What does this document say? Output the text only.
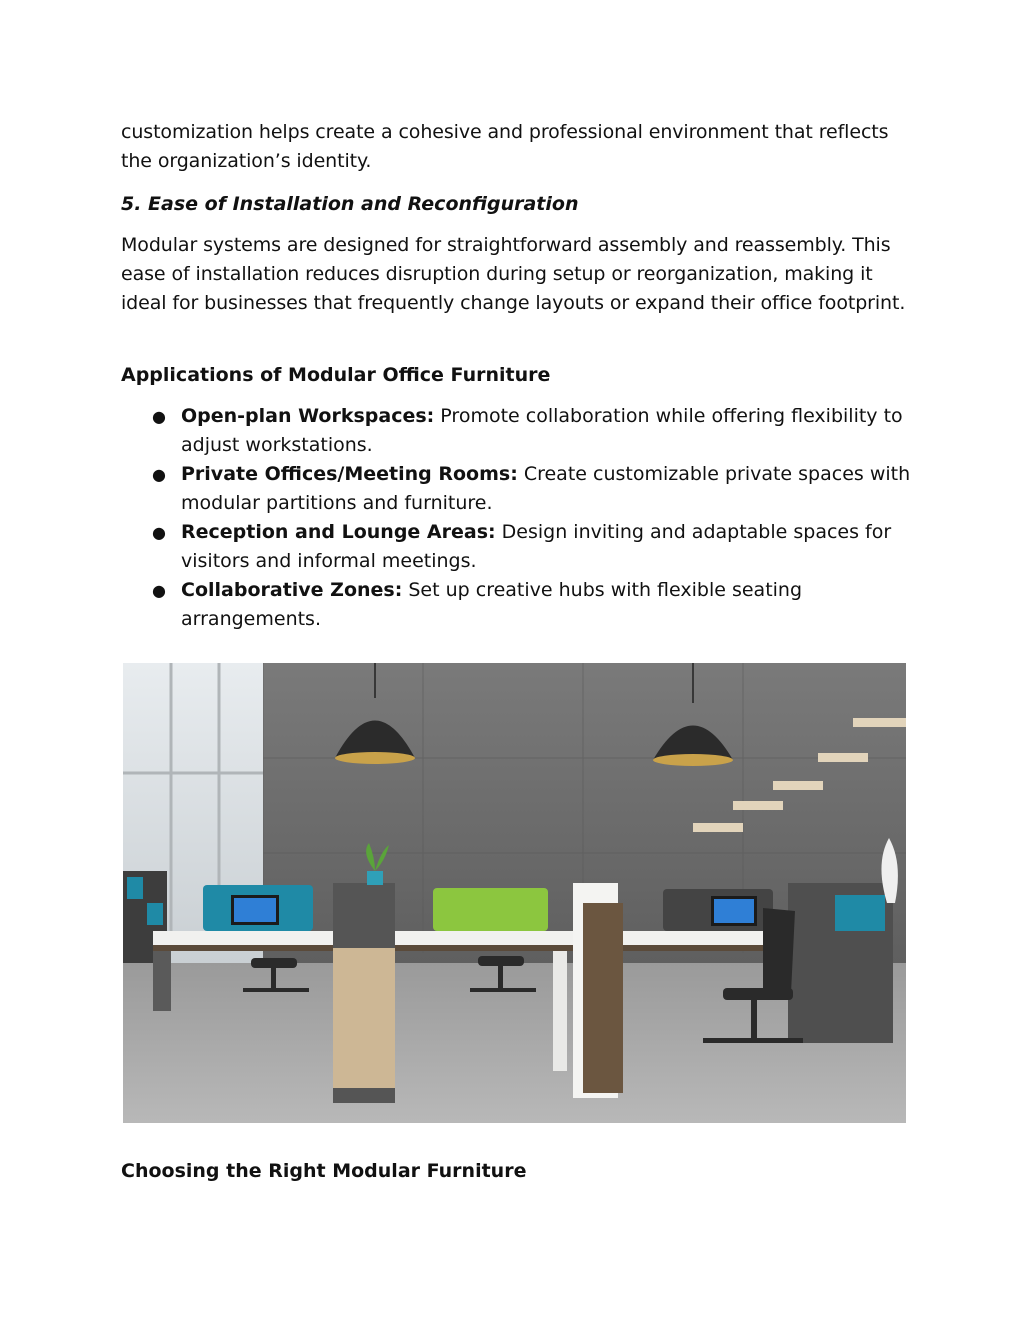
customization helps create a cohesive and professional environment that reflects the organization’s identity.

5. Ease of Installation and Reconfiguration

Modular systems are designed for straightforward assembly and reassembly. This ease of installation reduces disruption during setup or reorganization, making it ideal for businesses that frequently change layouts or expand their office footprint.

Applications of Modular Office Furniture

● Open-plan Workspaces: Promote collaboration while offering flexibility to adjust workstations.
● Private Offices/Meeting Rooms: Create customizable private spaces with modular partitions and furniture.
● Reception and Lounge Areas: Design inviting and adaptable spaces for visitors and informal meetings.
● Collaborative Zones: Set up creative hubs with flexible seating arrangements.

Choosing the Right Modular Furniture
